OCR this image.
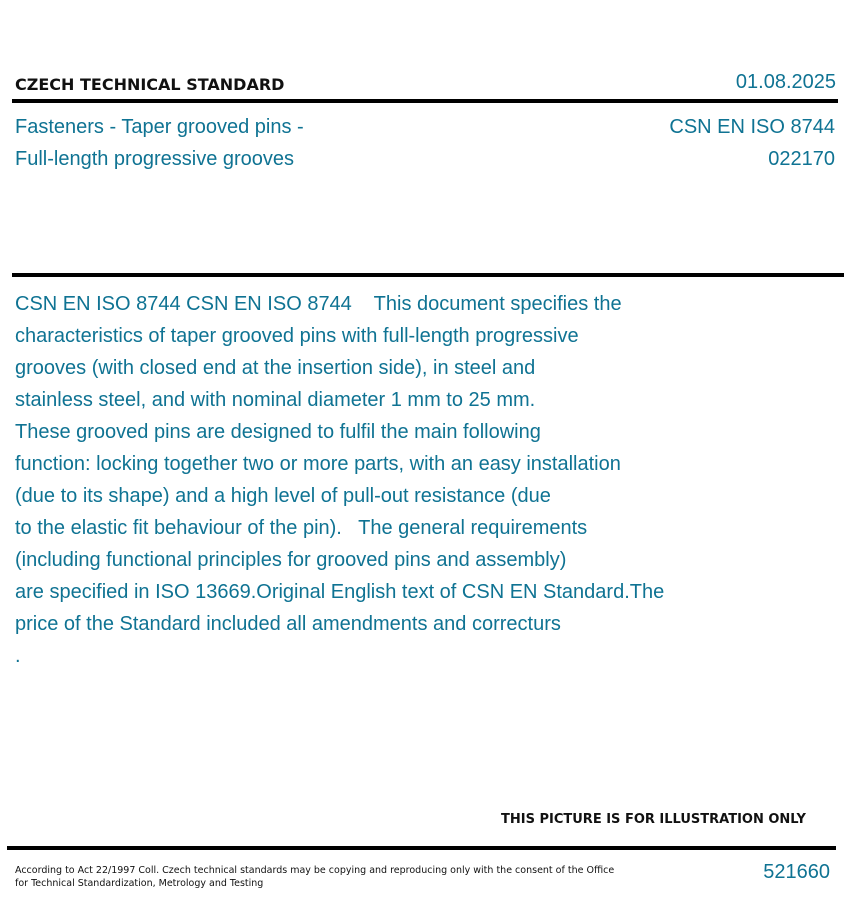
CZECH TECHNICAL STANDARD	01.08.2025
Fasteners - Taper grooved pins -
Full-length progressive grooves
CSN EN ISO 8744
022170
CSN EN ISO 8744 CSN EN ISO 8744    This document specifies the
characteristics of taper grooved pins with full-length progressive
grooves (with closed end at the insertion side), in steel and
stainless steel, and with nominal diameter 1 mm to 25 mm.
These grooved pins are designed to fulfil the main following
function: locking together two or more parts, with an easy installation
(due to its shape) and a high level of pull-out resistance (due
to the elastic fit behaviour of the pin).   The general requirements
(including functional principles for grooved pins and assembly)
are specified in ISO 13669.Original English text of CSN EN Standard.The
price of the Standard included all amendments and correcturs
.
THIS PICTURE IS FOR ILLUSTRATION ONLY
According to Act 22/1997 Coll. Czech technical standards may be copying and reproducing only with the consent of the Office
for Technical Standardization, Metrology and Testing
521660
